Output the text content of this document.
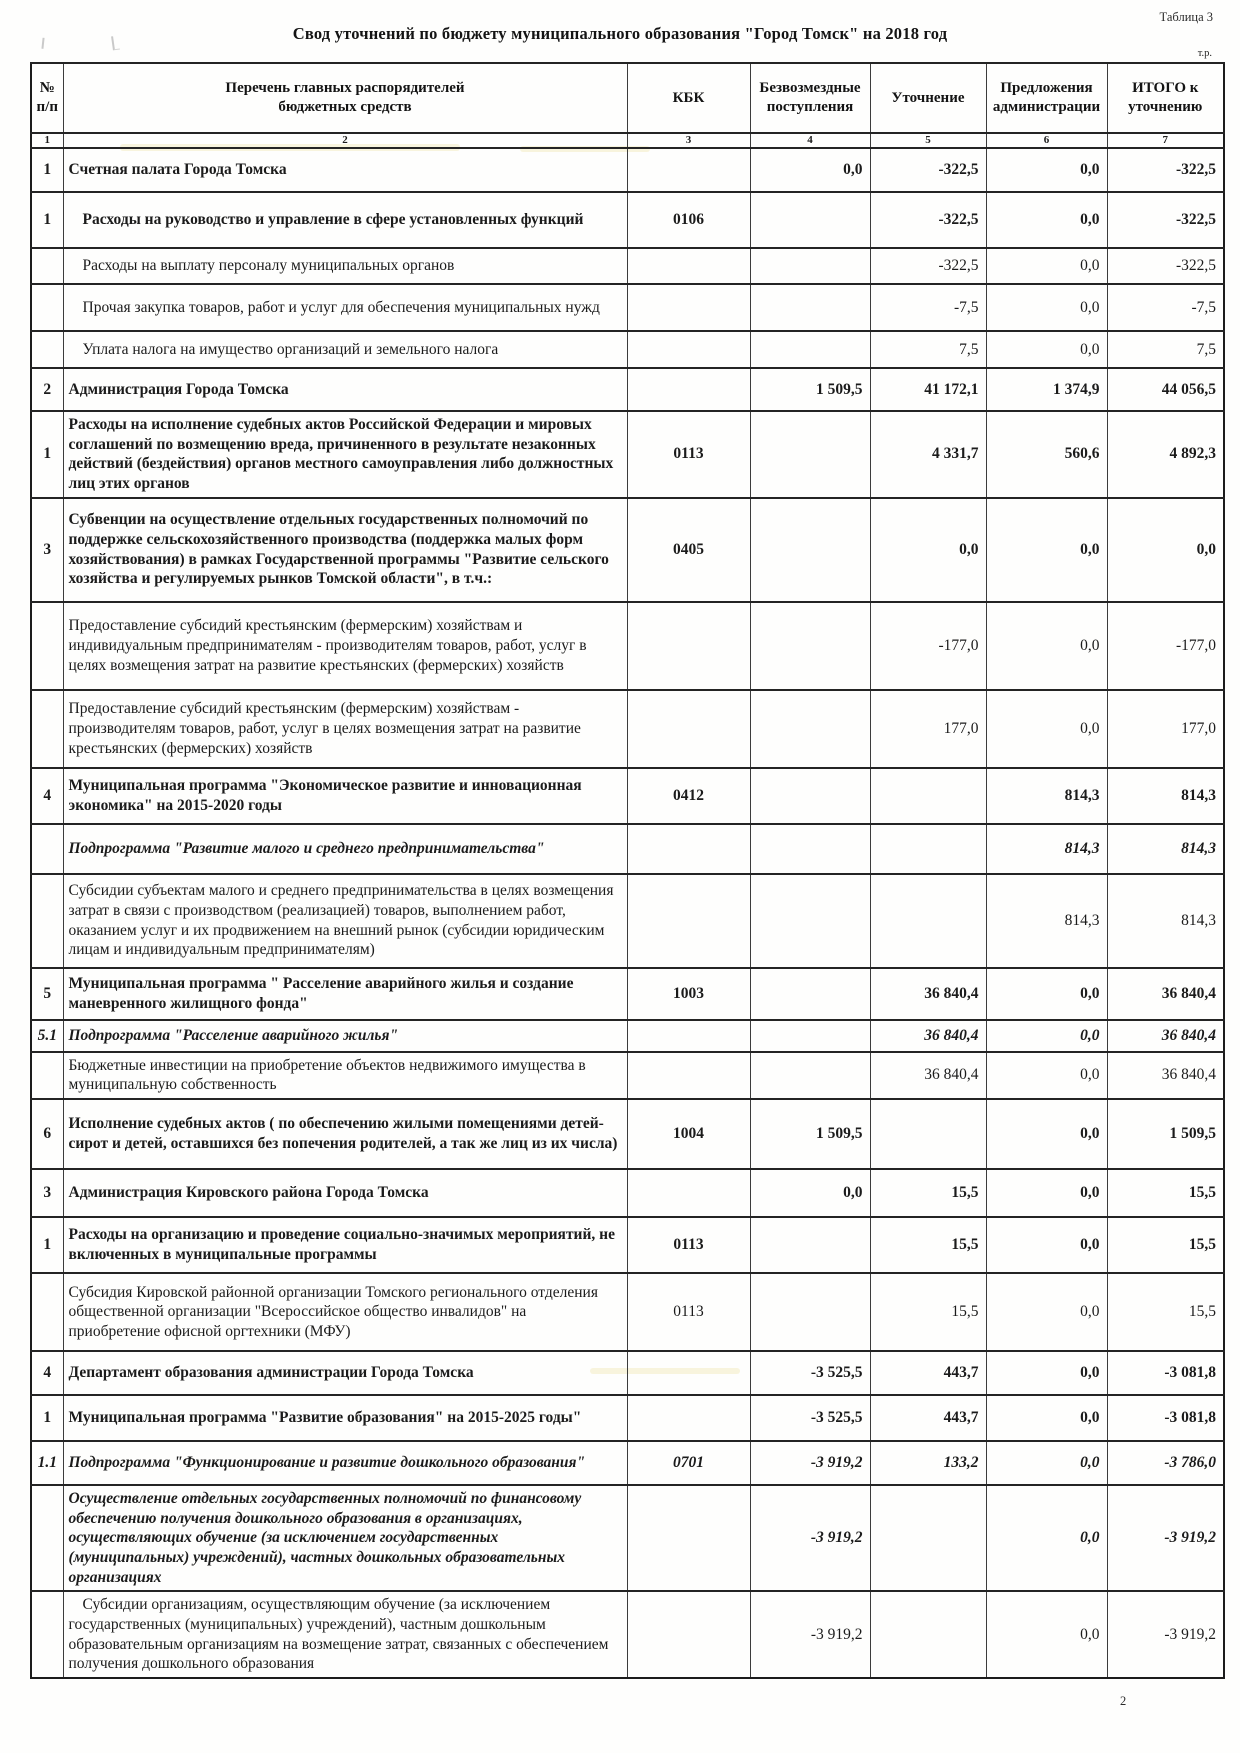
Таблица 3
Свод уточнений по бюджету муниципального образования "Город Томск" на 2018 год
т.р.
№ п/п	Перечень главных распорядителей бюджетных средств	КБК	Безвозмездные поступления	Уточнение	Предложения администрации	ИТОГО к уточнению
1	2	3	4	5	6	7
1	Счетная палата Города Томска		0,0	-322,5	0,0	-322,5
1	Расходы на руководство и управление в сфере установленных функций	0106		-322,5	0,0	-322,5
	Расходы на выплату персоналу муниципальных органов			-322,5	0,0	-322,5
	Прочая закупка товаров, работ и услуг для обеспечения муниципальных нужд			-7,5	0,0	-7,5
	Уплата налога на имущество организаций и земельного налога			7,5	0,0	7,5
2	Администрация Города Томска		1 509,5	41 172,1	1 374,9	44 056,5
1	Расходы на исполнение судебных актов Российской Федерации и мировых соглашений по возмещению вреда, причиненного в результате незаконных действий (бездействия) органов местного самоуправления либо должностных лиц этих органов	0113		4 331,7	560,6	4 892,3
3	Субвенции на осуществление отдельных государственных полномочий по поддержке сельскохозяйственного производства (поддержка малых форм хозяйствования) в рамках Государственной программы "Развитие сельского хозяйства и регулируемых рынков Томской области", в т.ч.:	0405		0,0	0,0	0,0
	Предоставление субсидий крестьянским (фермерским) хозяйствам и индивидуальным предпринимателям - производителям товаров, работ, услуг в целях возмещения затрат на развитие крестьянских (фермерских) хозяйств			-177,0	0,0	-177,0
	Предоставление субсидий крестьянским (фермерским) хозяйствам - производителям товаров, работ, услуг в целях возмещения затрат на развитие крестьянских (фермерских) хозяйств			177,0	0,0	177,0
4	Муниципальная программа "Экономическое развитие и инновационная экономика" на 2015-2020 годы	0412			814,3	814,3
	Подпрограмма "Развитие малого и среднего предпринимательства"				814,3	814,3
	Субсидии субъектам малого и среднего предпринимательства в целях возмещения затрат в связи с производством (реализацией) товаров, выполнением работ, оказанием услуг и их продвижением на внешний рынок (субсидии юридическим лицам и индивидуальным предпринимателям)				814,3	814,3
5	Муниципальная программа " Расселение аварийного жилья и создание маневренного жилищного фонда"	1003		36 840,4	0,0	36 840,4
5.1	Подпрограмма "Расселение аварийного жилья"			36 840,4	0,0	36 840,4
	Бюджетные инвестиции на приобретение объектов недвижимого имущества в муниципальную собственность			36 840,4	0,0	36 840,4
6	Исполнение судебных актов ( по обеспечению жилыми помещениями детей-сирот и детей, оставшихся без попечения родителей, а так же лиц из их числа)	1004	1 509,5		0,0	1 509,5
3	Администрация Кировского района Города Томска		0,0	15,5	0,0	15,5
1	Расходы на организацию и проведение социально-значимых мероприятий, не включенных в муниципальные программы	0113		15,5	0,0	15,5
	Субсидия Кировской районной организации Томского регионального отделения общественной организации "Всероссийское общество инвалидов" на приобретение офисной оргтехники (МФУ)	0113		15,5	0,0	15,5
4	Департамент образования администрации Города Томска		-3 525,5	443,7	0,0	-3 081,8
1	Муниципальная программа "Развитие образования" на 2015-2025 годы"		-3 525,5	443,7	0,0	-3 081,8
1.1	Подпрограмма "Функционирование и развитие дошкольного образования"	0701	-3 919,2	133,2	0,0	-3 786,0
	Осуществление отдельных государственных полномочий по финансовому обеспечению получения дошкольного образования в организациях, осуществляющих обучение (за исключением государственных (муниципальных) учреждений), частных дошкольных образовательных организациях		-3 919,2		0,0	-3 919,2
	Субсидии организациям, осуществляющим обучение (за исключением государственных (муниципальных) учреждений), частным дошкольным образовательным организациям на возмещение затрат, связанных с обеспечением получения дошкольного образования		-3 919,2		0,0	-3 919,2
2
